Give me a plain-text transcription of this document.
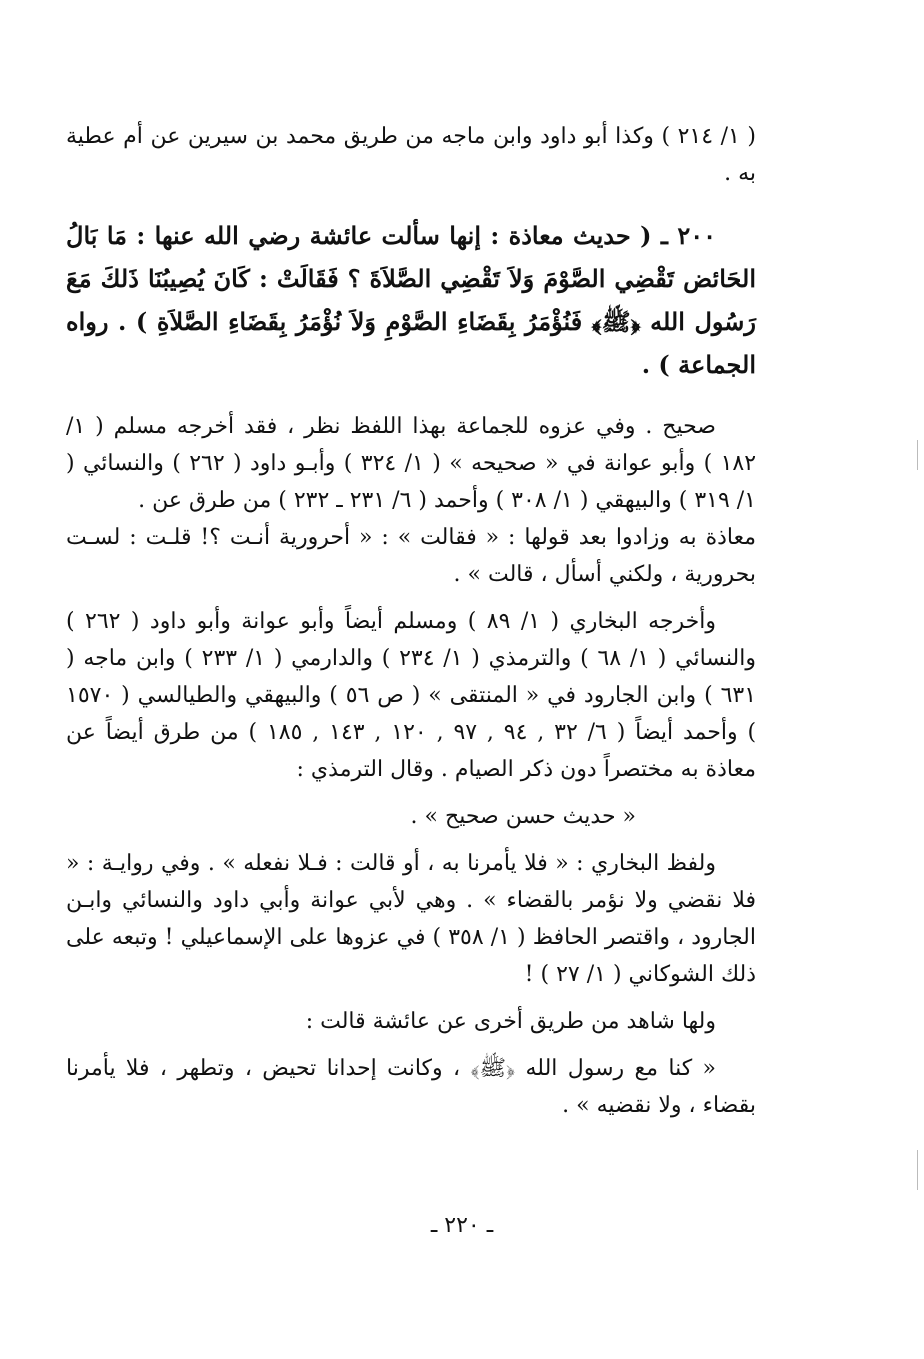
( ١/ ٢١٤ ) وكذا أبو داود وابن ماجه من طريق محمد بن سيرين عن أم عطية به .

٢٠٠ ـ ( حديث معاذة : إنها سألت عائشة رضي الله عنها : مَا بَالُ الحَائض تَقْضِي الصَّوْمَ وَلاَ تَقْضِي الصَّلاَةَ ؟ فَقَالَتْ : كَانَ يُصِيبُنَا ذَلكَ مَعَ رَسُول الله ﴿ﷺ﴾ فَنُؤْمَرُ بِقَضَاءِ الصَّوْمِ وَلاَ نُؤْمَرُ بِقَضَاءِ الصَّلاَةِ ) . رواه الجماعة ) .

صحيح . وفي عزوه للجماعة بهذا اللفظ نظر ، فقد أخرجه مسلم ( ١/ ١٨٢ ) وأبو عوانة في « صحيحه » ( ١/ ٣٢٤ ) وأبـو داود ( ٢٦٢ ) والنسائي ( ١/ ٣١٩ ) والبيهقي ( ١/ ٣٠٨ ) وأحمد ( ٦/ ٢٣١ ـ ٢٣٢ ) من طرق عن .

معاذة به وزادوا بعد قولها : « فقالت » : « أحرورية أنـت ؟! قلـت : لسـت بحرورية ، ولكني أسأل ، قالت » .

وأخرجه البخاري ( ١/ ٨٩ ) ومسلم أيضاً وأبو عوانة وأبو داود ( ٢٦٢ ) والنسائي ( ١/ ٦٨ ) والترمذي ( ١/ ٢٣٤ ) والدارمي ( ١/ ٢٣٣ ) وابن ماجه ( ٦٣١ ) وابن الجارود في « المنتقى » ( ص ٥٦ ) والبيهقي والطيالسي ( ١٥٧٠ ) وأحمد أيضاً ( ٦/ ٣٢ , ٩٤ , ٩٧ , ١٢٠ , ١٤٣ , ١٨٥ ) من طرق أيضاً عن معاذة به مختصراً دون ذكر الصيام . وقال الترمذي :

« حديث حسن صحيح » .

ولفظ البخاري : « فلا يأمرنا به ، أو قالت : فـلا نفعله » . وفي روايـة : « فلا نقضي ولا نؤمر بالقضاء » . وهي لأبي عوانة وأبي داود والنسائي وابـن الجارود ، واقتصر الحافظ ( ١/ ٣٥٨ ) في عزوها على الإسماعيلي ! وتبعه على ذلك الشوكاني ( ١/ ٢٧ ) !

ولها شاهد من طريق أخرى عن عائشة قالت :

« كنا مع رسول الله ﴿ﷺ﴾ ، وكانت إحدانا تحيض ، وتطهر ، فلا يأمرنا بقضاء ، ولا نقضيه » .

ـ ٢٢٠ ـ
